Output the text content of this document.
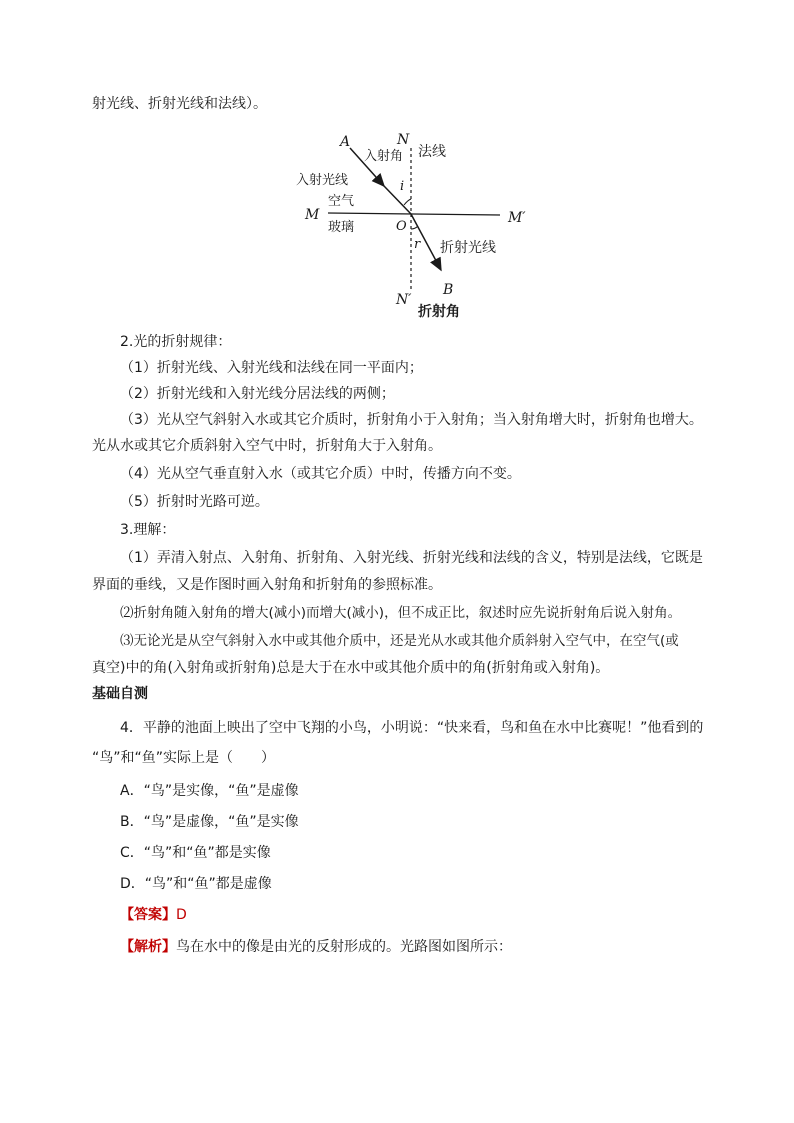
射光线、折射光线和法线）。
A	N
法线
入射角
入射光线	i
空气
M
O
M′
玻璃
r 折射光线
B
N′
折射角
2.光的折射规律：
（1）折射光线、入射光线和法线在同一平面内；
（2）折射光线和入射光线分居法线的两侧；
（3）光从空气斜射入水或其它介质时，折射角小于入射角；当入射角增大时，折射角也增大。
光从水或其它介质斜射入空气中时，折射角大于入射角。
（4）光从空气垂直射入水（或其它介质）中时，传播方向不变。
（5）折射时光路可逆。
3.理解：
（1）弄清入射点、入射角、折射角、入射光线、折射光线和法线的含义，特别是法线，它既是
界面的垂线，又是作图时画入射角和折射角的参照标准。
⑵折射角随入射角的增大(减小)而增大(减小)，但不成正比，叙述时应先说折射角后说入射角。
⑶无论光是从空气斜射入水中或其他介质中，还是光从水或其他介质斜射入空气中，在空气(或
真空)中的角(入射角或折射角)总是大于在水中或其他介质中的角(折射角或入射角)。
基础自测
4．平静的池面上映出了空中飞翔的小鸟，小明说：“快来看，鸟和鱼在水中比赛呢！”他看到的
“鸟”和“鱼”实际上是（　　）
A．“鸟”是实像，“鱼”是虚像
B．“鸟”是虚像，“鱼”是实像
C．“鸟”和“鱼”都是实像
D．“鸟”和“鱼”都是虚像
【答案】D
【解析】鸟在水中的像是由光的反射形成的。光路图如图所示：
